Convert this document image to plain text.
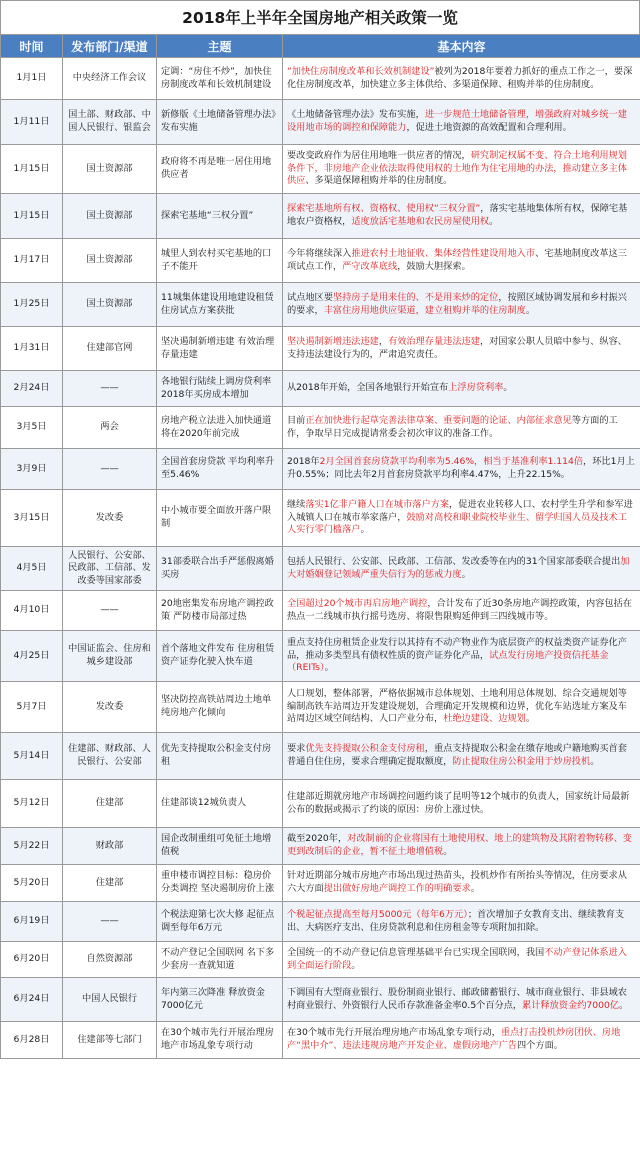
2018年上半年全国房地产相关政策一览
时间	发布部门/渠道	主题	基本内容
1月1日	中央经济工作会议	定调：“房住不炒”，加快住房制度改革和长效机制建设	“加快住房制度改革和长效机制建设”被列为2018年要着力抓好的重点工作之一，要深化住房制度改革，加快建立多主体供给、多渠道保障、租购并举的住房制度。
1月11日	国土部、财政部、中国人民银行、银监会	新修版《土地储备管理办法》发布实施	《土地储备管理办法》发布实施，进一步规范土地储备管理，增强政府对城乡统一建设用地市场的调控和保障能力，促进土地资源的高效配置和合理利用。
1月15日	国土资源部	政府将不再是唯一居住用地供应者	要改变政府作为居住用地唯一供应者的情况，研究制定权属不变、符合土地利用规划条件下，非房地产企业依法取得使用权的土地作为住宅用地的办法，推动建立多主体供应、多渠道保障租购并举的住房制度。
1月15日	国土资源部	探索宅基地“三权分置”	探索宅基地所有权、资格权、使用权“三权分置”，落实宅基地集体所有权，保障宅基地农户资格权，适度放活宅基地和农民房屋使用权。
1月17日	国土资源部	城里人到农村买宅基地的口子不能开	今年将继续深入推进农村土地征收、集体经营性建设用地入市、宅基地制度改革这三项试点工作，严守改革底线，鼓励大胆探索。
1月25日	国土资源部	11城集体建设用地建设租赁住房试点方案获批	试点地区要坚持房子是用来住的、不是用来炒的定位，按照区域协调发展和乡村振兴的要求，丰富住房用地供应渠道，建立租购并举的住房制度。
1月31日	住建部官网	坚决遏制新增违建 有效治理存量违建	坚决遏制新增违法违建，有效治理存量违法违建，对国家公职人员暗中参与、纵容、支持违法建设行为的，严肃追究责任。
2月24日	——	各地银行陆续上调房贷利率 2018年买房成本增加	从2018年开始，全国各地银行开始宣布上浮房贷利率。
3月5日	两会	房地产税立法进入加快通道 将在2020年前完成	目前正在加快进行起草完善法律草案、重要问题的论证、内部征求意见等方面的工作，争取早日完成提请常委会初次审议的准备工作。
3月9日	——	全国首套房贷款 平均利率升至5.46%	2018年2月全国首套房贷款平均利率为5.46%，相当于基准利率1.114倍，环比1月上升0.55%；同比去年2月首套房贷款平均利率4.47%，上升22.15%。
3月15日	发改委	中小城市要全面放开落户限制	继续落实1亿非户籍人口在城市落户方案，促进农业转移人口、农村学生升学和参军进入城镇人口在城市举家落户，鼓励对高校和职业院校毕业生、留学归国人员及技术工人实行零门槛落户。
4月5日	人民银行、公安部、民政部、工信部、发改委等国家部委	31部委联合出手严惩假离婚买房	包括人民银行、公安部、民政部、工信部、发改委等在内的31个国家部委联合提出加大对婚姻登记领域严重失信行为的惩戒力度。
4月10日	——	20地密集发布房地产调控政策 严防楼市局部过热	全国超过20个城市再启房地产调控，合计发布了近30条房地产调控政策，内容包括在热点一二线城市执行摇号选房、将限售限购延伸到三四线城市等。
4月25日	中国证监会、住房和城乡建设部	首个落地文件发布 住房租赁资产证券化驶入快车道	重点支持住房租赁企业发行以其持有不动产物业作为底层资产的权益类资产证券化产品，推动多类型具有债权性质的资产证券化产品，试点发行房地产投资信托基金（REITs）。
5月7日	发改委	坚决防控高铁站周边土地单纯房地产化倾向	人口规划，整体部署，严格依据城市总体规划、土地利用总体规划、综合交通规划等编制高铁车站周边开发建设规划，合理确定开发规模和边界，优化车站选址方案及车站周边区域空间结构、人口产业分布，杜绝边建设、边规划。
5月14日	住建部、财政部、人民银行、公安部	优先支持提取公积金支付房租	要求优先支持提取公积金支付房租，重点支持提取公积金在缴存地或户籍地购买首套普通自住住房，要求合理确定提取额度，防止提取住房公积金用于炒房投机。
5月12日	住建部	住建部谈12城负责人	住建部近期就房地产市场调控问题约谈了昆明等12个城市的负责人，国家统计局最新公布的数据或揭示了约谈的原因：房价上涨过快。
5月22日	财政部	国企改制重组可免征土地增值税	截至2020年，对改制前的企业将国有土地使用权、地上的建筑物及其附着物转移、变更到改制后的企业，暂不征土地增值税。
5月20日	住建部	重申楼市调控目标：稳房价 分类调控 坚决遏制房价上涨	针对近期部分城市房地产市场出现过热苗头，投机炒作有所抬头等情况，住房要求从六大方面提出做好房地产调控工作的明确要求。
6月19日	——	个税法迎第七次大修 起征点调至每年6万元	个税起征点提高至每月5000元（每年6万元）；首次增加子女教育支出、继续教育支出、大病医疗支出、住房贷款利息和住房租金等专项附加扣除。
6月20日	自然资源部	不动产登记全国联网 名下多少套房一查就知道	全国统一的不动产登记信息管理基础平台已实现全国联网，我国不动产登记体系进入到全面运行阶段。
6月24日	中国人民银行	年内第三次降准 释放资金7000亿元	下调国有大型商业银行、股份制商业银行、邮政储蓄银行、城市商业银行、非县域农村商业银行、外资银行人民币存款准备金率0.5个百分点，累计释放资金约7000亿。
6月28日	住建部等七部门	在30个城市先行开展治理房地产市场乱象专项行动	在30个城市先行开展治理房地产市场乱象专项行动，重点打击投机炒房团伙、房地产“黑中介”、违法违规房地产开发企业、虚假房地产广告四个方面。
